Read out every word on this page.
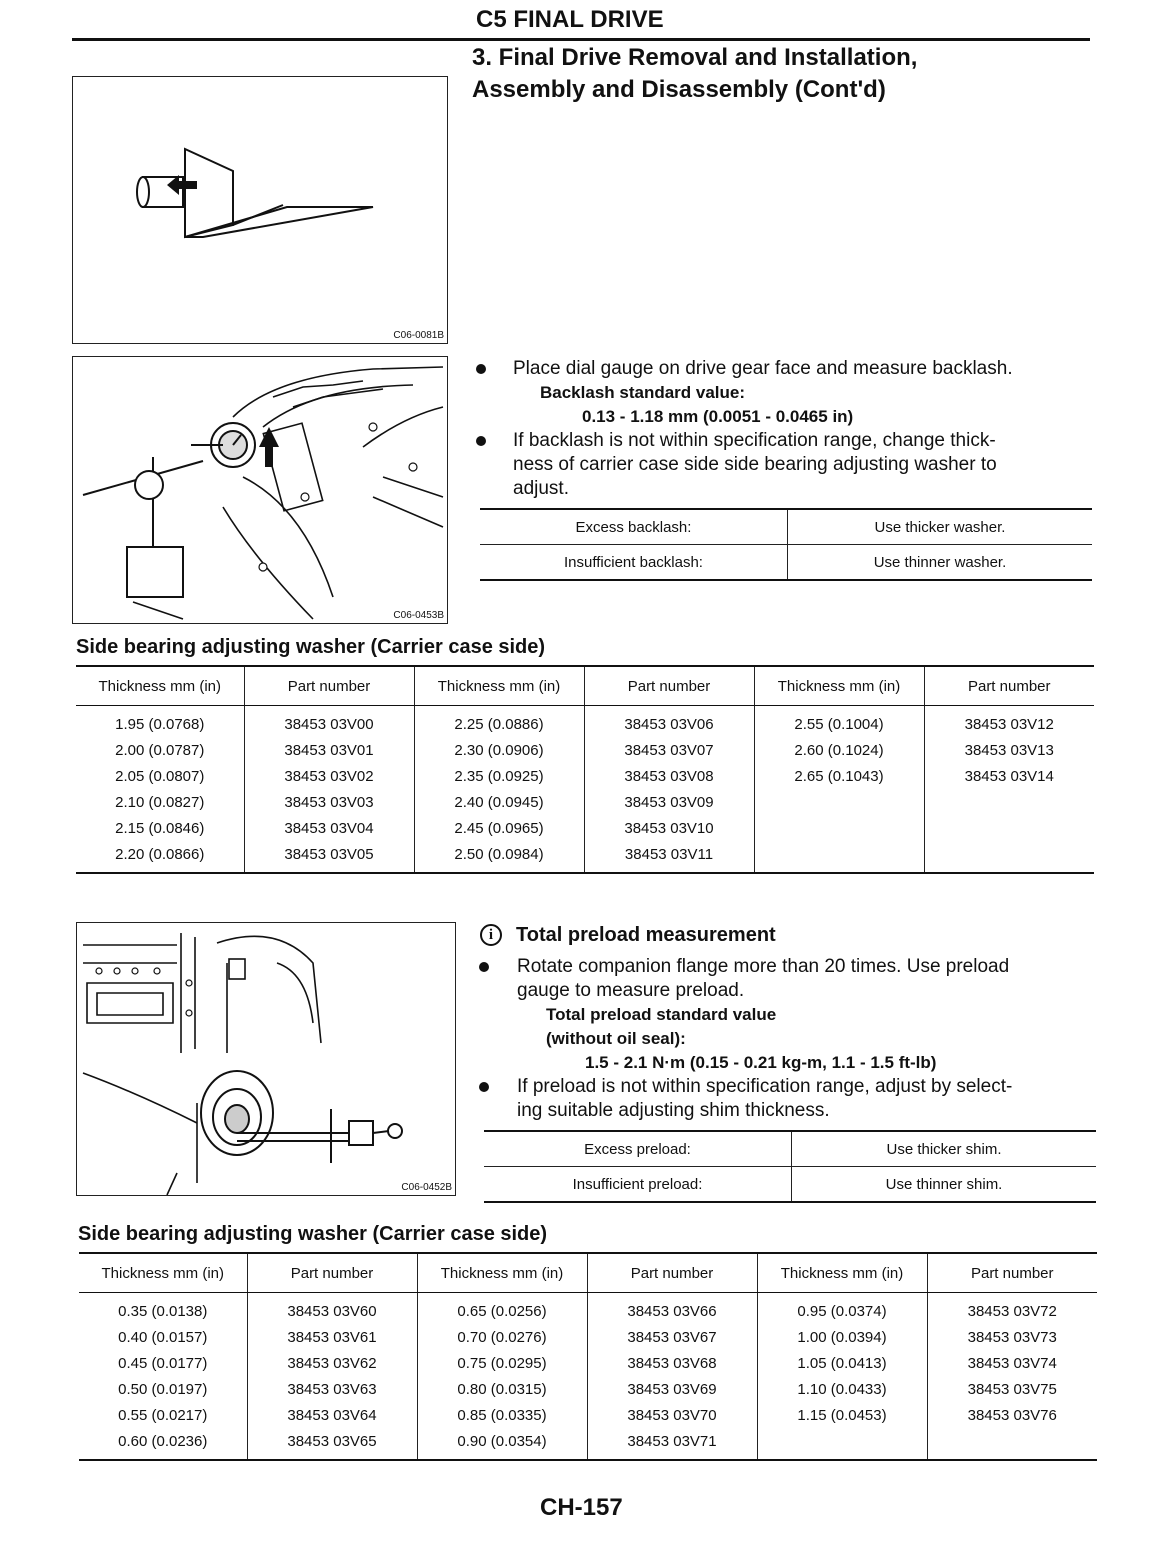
C5 FINAL DRIVE
3. Final Drive Removal and Installation,
Assembly and Disassembly (Cont'd)
C06-0081B
C06-0453B
Place dial gauge on drive gear face and measure backlash.
Backlash standard value:
0.13 - 1.18 mm (0.0051 - 0.0465 in)
If backlash is not within specification range, change thick-
ness of carrier case side side bearing adjusting washer to
adjust.
Excess backlash:	Use thicker washer.
Insufficient backlash:	Use thinner washer.
Side bearing adjusting washer (Carrier case side)
Thickness mm (in)	Part number	Thickness mm (in)	Part number	Thickness mm (in)	Part number
1.95 (0.0768)	38453 03V00	2.25 (0.0886)	38453 03V06	2.55 (0.1004)	38453 03V12
2.00 (0.0787)	38453 03V01	2.30 (0.0906)	38453 03V07	2.60 (0.1024)	38453 03V13
2.05 (0.0807)	38453 03V02	2.35 (0.0925)	38453 03V08	2.65 (0.1043)	38453 03V14
2.10 (0.0827)	38453 03V03	2.40 (0.0945)	38453 03V09		
2.15 (0.0846)	38453 03V04	2.45 (0.0965)	38453 03V10		
2.20 (0.0866)	38453 03V05	2.50 (0.0984)	38453 03V11		
C06-0452B
i	Total preload measurement
Rotate companion flange more than 20 times. Use preload
gauge to measure preload.
Total preload standard value
(without oil seal):
1.5 - 2.1 N·m (0.15 - 0.21 kg-m, 1.1 - 1.5 ft-lb)
If preload is not within specification range, adjust by select-
ing suitable adjusting shim thickness.
Excess preload:	Use thicker shim.
Insufficient preload:	Use thinner shim.
Side bearing adjusting washer (Carrier case side)
Thickness mm (in)	Part number	Thickness mm (in)	Part number	Thickness mm (in)	Part number
0.35 (0.0138)	38453 03V60	0.65 (0.0256)	38453 03V66	0.95 (0.0374)	38453 03V72
0.40 (0.0157)	38453 03V61	0.70 (0.0276)	38453 03V67	1.00 (0.0394)	38453 03V73
0.45 (0.0177)	38453 03V62	0.75 (0.0295)	38453 03V68	1.05 (0.0413)	38453 03V74
0.50 (0.0197)	38453 03V63	0.80 (0.0315)	38453 03V69	1.10 (0.0433)	38453 03V75
0.55 (0.0217)	38453 03V64	0.85 (0.0335)	38453 03V70	1.15 (0.0453)	38453 03V76
0.60 (0.0236)	38453 03V65	0.90 (0.0354)	38453 03V71		
CH-157
